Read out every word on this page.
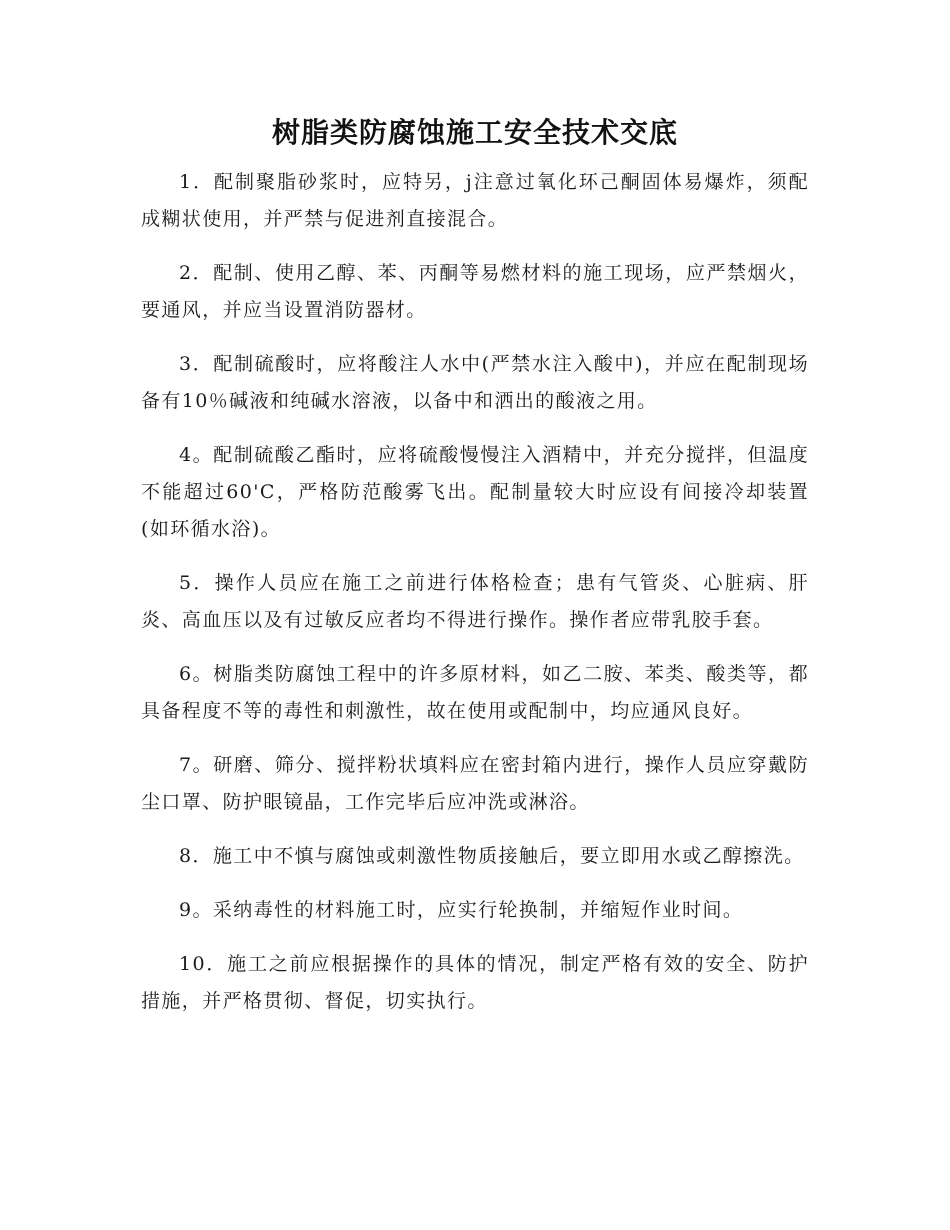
树脂类防腐蚀施工安全技术交底

1．配制聚脂砂浆时，应特另，j注意过氧化环己酮固体易爆炸，须配成糊状使用，并严禁与促进剂直接混合。

2．配制、使用乙醇、苯、丙酮等易燃材料的施工现场，应严禁烟火，要通风，并应当设置消防器材。

3．配制硫酸时，应将酸注人水中(严禁水注入酸中)，并应在配制现场备有10％碱液和纯碱水溶液，以备中和洒出的酸液之用。

4。配制硫酸乙酯时，应将硫酸慢慢注入酒精中，并充分搅拌，但温度不能超过60'C，严格防范酸雾飞出。配制量较大时应设有间接冷却装置(如环循水浴)。

5．操作人员应在施工之前进行体格检查；患有气管炎、心脏病、肝炎、高血压以及有过敏反应者均不得进行操作。操作者应带乳胶手套。

6。树脂类防腐蚀工程中的许多原材料，如乙二胺、苯类、酸类等，都具备程度不等的毒性和刺激性，故在使用或配制中，均应通风良好。

7。研磨、筛分、搅拌粉状填料应在密封箱内进行，操作人员应穿戴防尘口罩、防护眼镜晶，工作完毕后应冲洗或淋浴。

8．施工中不慎与腐蚀或刺激性物质接触后，要立即用水或乙醇擦洗。

9。采纳毒性的材料施工时，应实行轮换制，并缩短作业时间。

10．施工之前应根据操作的具体的情况，制定严格有效的安全、防护措施，并严格贯彻、督促，切实执行。
